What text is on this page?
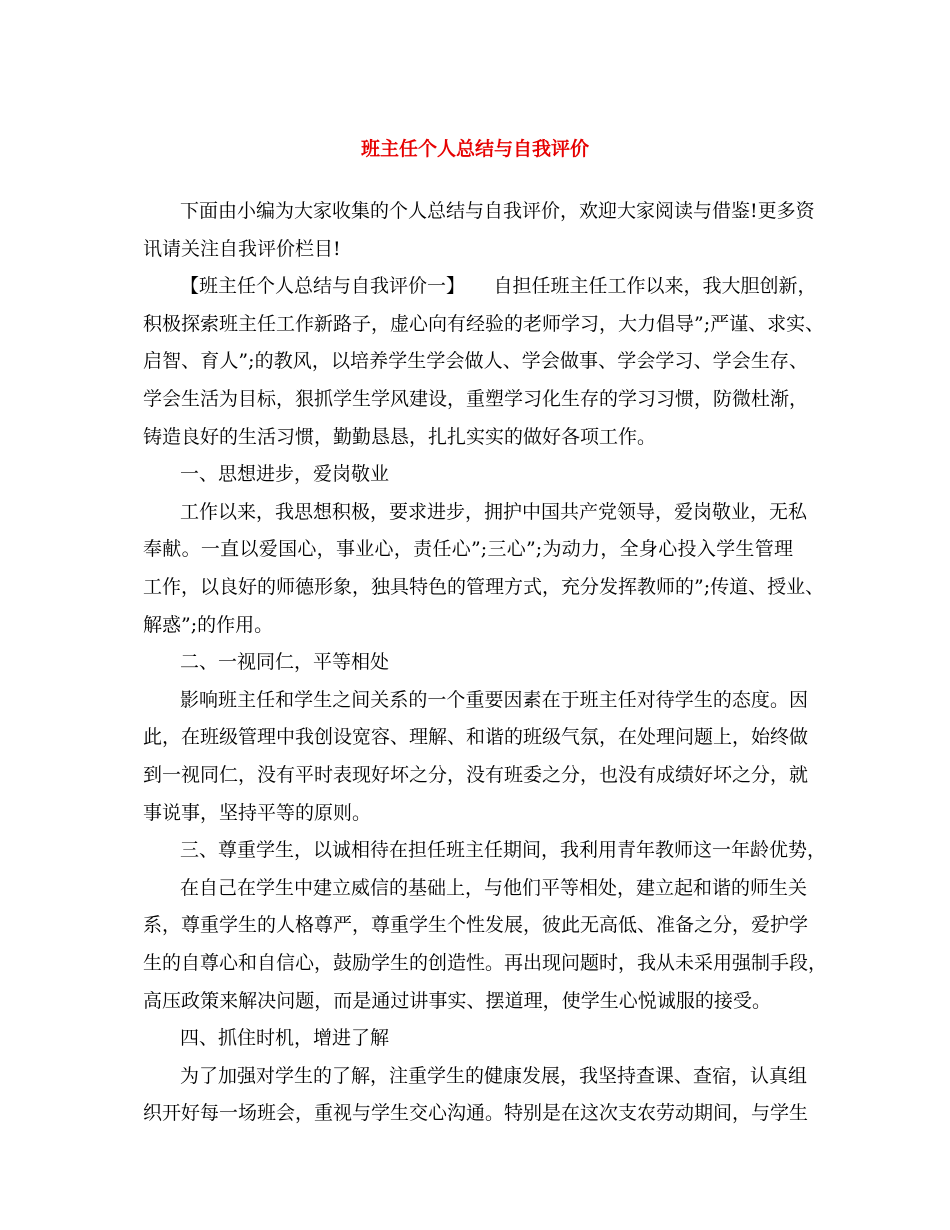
班主任个人总结与自我评价
下面由小编为大家收集的个人总结与自我评价，欢迎大家阅读与借鉴!更多资
讯请关注自我评价栏目!
【班主任个人总结与自我评价一】　　自担任班主任工作以来，我大胆创新，
积极探索班主任工作新路子，虚心向有经验的老师学习，大力倡导”;严谨、求实、
启智、育人”;的教风，以培养学生学会做人、学会做事、学会学习、学会生存、
学会生活为目标，狠抓学生学风建设，重塑学习化生存的学习习惯，防微杜渐，
铸造良好的生活习惯，勤勤恳恳，扎扎实实的做好各项工作。
一、思想进步，爱岗敬业
工作以来，我思想积极，要求进步，拥护中国共产党领导，爱岗敬业，无私
奉献。一直以爱国心，事业心，责任心”;三心”;为动力，全身心投入学生管理
工作，以良好的师德形象，独具特色的管理方式，充分发挥教师的”;传道、授业、
解惑”;的作用。
二、一视同仁，平等相处
影响班主任和学生之间关系的一个重要因素在于班主任对待学生的态度。因
此，在班级管理中我创设宽容、理解、和谐的班级气氛，在处理问题上，始终做
到一视同仁，没有平时表现好坏之分，没有班委之分，也没有成绩好坏之分，就
事说事，坚持平等的原则。
三、尊重学生，以诚相待在担任班主任期间，我利用青年教师这一年龄优势，
在自己在学生中建立威信的基础上，与他们平等相处，建立起和谐的师生关
系，尊重学生的人格尊严，尊重学生个性发展，彼此无高低、准备之分，爱护学
生的自尊心和自信心，鼓励学生的创造性。再出现问题时，我从未采用强制手段，
高压政策来解决问题，而是通过讲事实、摆道理，使学生心悦诚服的接受。
四、抓住时机，增进了解
为了加强对学生的了解，注重学生的健康发展，我坚持查课、查宿，认真组
织开好每一场班会，重视与学生交心沟通。特别是在这次支农劳动期间，与学生
